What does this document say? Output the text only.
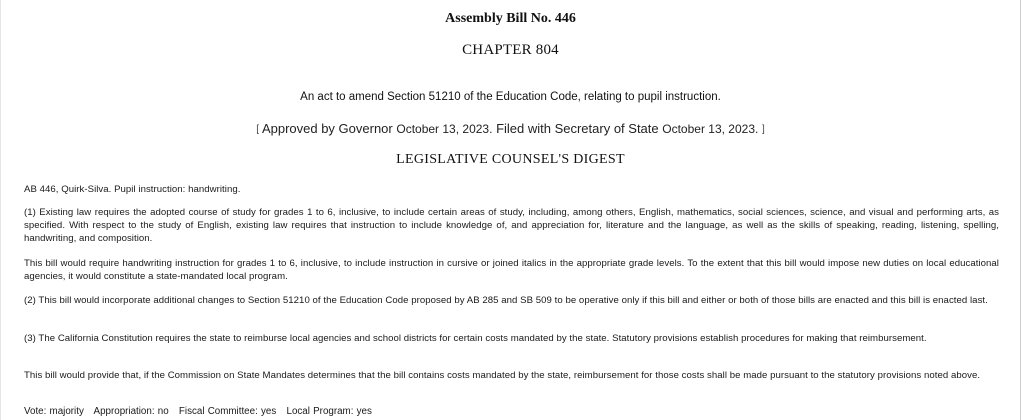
Assembly Bill No. 446
CHAPTER 804
An act to amend Section 51210 of the Education Code, relating to pupil instruction.
[ Approved by Governor October 13, 2023. Filed with Secretary of State October 13, 2023. ]
LEGISLATIVE COUNSEL'S DIGEST
AB 446, Quirk-Silva. Pupil instruction: handwriting.
(1) Existing law requires the adopted course of study for grades 1 to 6, inclusive, to include certain areas of study, including, among others, English, mathematics, social sciences, science, and visual and performing arts, as specified. With respect to the study of English, existing law requires that instruction to include knowledge of, and appreciation for, literature and the language, as well as the skills of speaking, reading, listening, spelling, handwriting, and composition.
This bill would require handwriting instruction for grades 1 to 6, inclusive, to include instruction in cursive or joined italics in the appropriate grade levels. To the extent that this bill would impose new duties on local educational agencies, it would constitute a state-mandated local program.
(2) This bill would incorporate additional changes to Section 51210 of the Education Code proposed by AB 285 and SB 509 to be operative only if this bill and either or both of those bills are enacted and this bill is enacted last.
(3) The California Constitution requires the state to reimburse local agencies and school districts for certain costs mandated by the state. Statutory provisions establish procedures for making that reimbursement.
This bill would provide that, if the Commission on State Mandates determines that the bill contains costs mandated by the state, reimbursement for those costs shall be made pursuant to the statutory provisions noted above.
Vote: majority Appropriation: no Fiscal Committee: yes Local Program: yes
